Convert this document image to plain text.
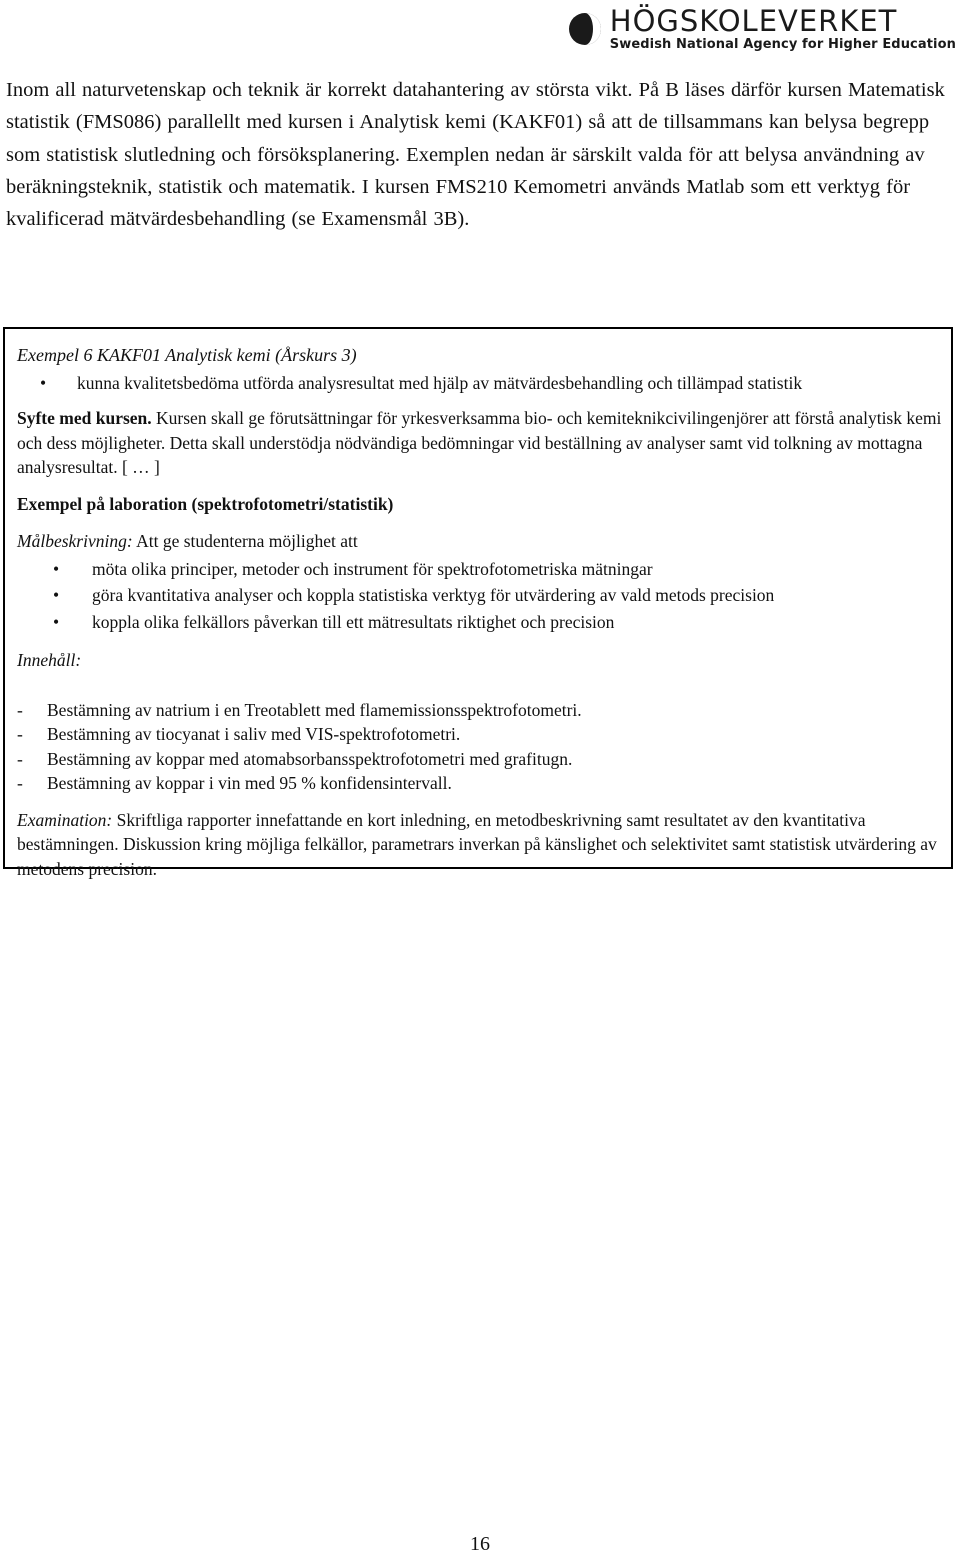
HÖGSKOLEVERKET
Swedish National Agency for Higher Education

Inom all naturvetenskap och teknik är korrekt datahantering av största vikt. På B läses därför kursen Matematisk statistik (FMS086) parallellt med kursen i Analytisk kemi (KAKF01) så att de tillsammans kan belysa begrepp som statistisk slutledning och försöksplanering. Exemplen nedan är särskilt valda för att belysa användning av beräkningsteknik, statistik och matematik. I kursen FMS210 Kemometri används Matlab som ett verktyg för kvalificerad mätvärdesbehandling (se Examensmål 3B).

Exempel 6 KAKF01 Analytisk kemi (Årskurs 3)

• kunna kvalitetsbedöma utförda analysresultat med hjälp av mätvärdesbehandling och tillämpad statistik

Syfte med kursen. Kursen skall ge förutsättningar för yrkesverksamma bio- och kemiteknikcivilingenjörer att förstå analytisk kemi och dess möjligheter. Detta skall understödja nödvändiga bedömningar vid beställning av analyser samt vid tolkning av mottagna analysresultat. [ … ]

Exempel på laboration (spektrofotometri/statistik)

Målbeskrivning: Att ge studenterna möjlighet att

• möta olika principer, metoder och instrument för spektrofotometriska mätningar
• göra kvantitativa analyser och koppla statistiska verktyg för utvärdering av vald metods precision
• koppla olika felkällors påverkan till ett mätresultats riktighet och precision

Innehåll:

- Bestämning av natrium i en Treotablett med flamemissionsspektrofotometri.
- Bestämning av tiocyanat i saliv med VIS-spektrofotometri.
- Bestämning av koppar med atomabsorbansspektrofotometri med grafitugn.
- Bestämning av koppar i vin med 95 % konfidensintervall.

Examination: Skriftliga rapporter innefattande en kort inledning, en metodbeskrivning samt resultatet av den kvantitativa bestämningen. Diskussion kring möjliga felkällor, parametrars inverkan på känslighet och selektivitet samt statistisk utvärdering av metodens precision.

16
